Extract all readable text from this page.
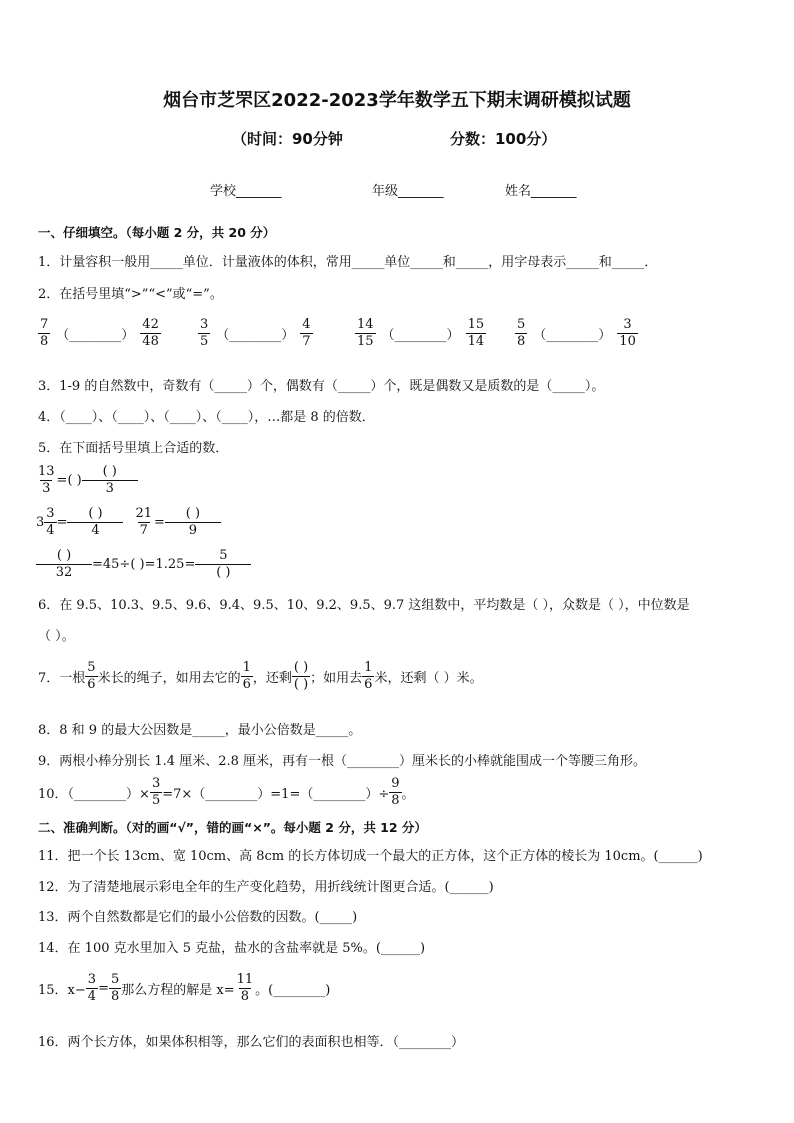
烟台市芝罘区2022-2023学年数学五下期末调研模拟试题
（时间：90分钟	分数：100分）
学校_______	年级_______	姓名_______
一、仔细填空。（每小题 2 分，共 20 分）
1．计量容积一般用_____单位．计量液体的体积，常用_____单位_____和_____，用字母表示_____和_____．
2．在括号里填“>”“<”或“=”。
$\frac{7}{8}$ （________） $\frac{42}{48}$	$\frac{3}{5}$ （________） $\frac{4}{7}$	$\frac{14}{15}$ （________） $\frac{15}{14} \frac{5}{8}$ （________） $\frac{3}{10}$
3．1-9 的自然数中，奇数有（_____）个，偶数有（_____）个，既是偶数又是质数的是（_____）。
4．（____）、（____）、（____）、（____），…都是 8 的倍数．
5．在下面括号里填上合适的数．
$\frac{13}{3}$ =( ) $\frac{( )}{3}$
$3 \frac{3}{4} = \frac{( )}{4} \frac{21}{7} = \frac{( )}{9}$
$\frac{( )}{32} =45\div$( )$=1.25= \frac{5}{( )}$
6．在 9.5、10.3、9.5、9.6、9.4、9.5、10、9.2、9.5、9.7 这组数中，平均数是（ ），众数是（ ），中位数是
（ ）。
7．一根 $\frac{5}{6}$ 米长的绳子，如用去它的 $\frac{1}{6}$ ，还剩 $\frac{( )}{( )}$ ；如用去 $\frac{1}{6}$ 米，还剩（ ）米。
8．8 和 9 的最大公因数是_____，最小公倍数是_____。
9．两根小棒分别长 1.4 厘米、2.8 厘米，再有一根（________）厘米长的小棒就能围成一个等腰三角形。
10．（________）× $\frac{3}{5}$ =7×（________）=1=（________）÷ $\frac{9}{8}$ 。
二、准确判断。（对的画“√”，错的画“×”。每小题 2 分，共 12 分）
11．把一个长 13cm、宽 10cm、高 8cm 的长方体切成一个最大的正方体，这个正方体的棱长为 10cm。(______)
12．为了清楚地展示彩电全年的生产变化趋势，用折线统计图更合适。(______)
13．两个自然数都是它们的最小公倍数的因数。(_____)
14．在 100 克水里加入 5 克盐，盐水的含盐率就是 5%。(______)
15．$x- \frac{3}{4} = \frac{5}{8}$ 那么方程的解是 $x= \frac{11}{8}$ 。(________)
16．两个长方体，如果体积相等，那么它们的表面积也相等．（________）
